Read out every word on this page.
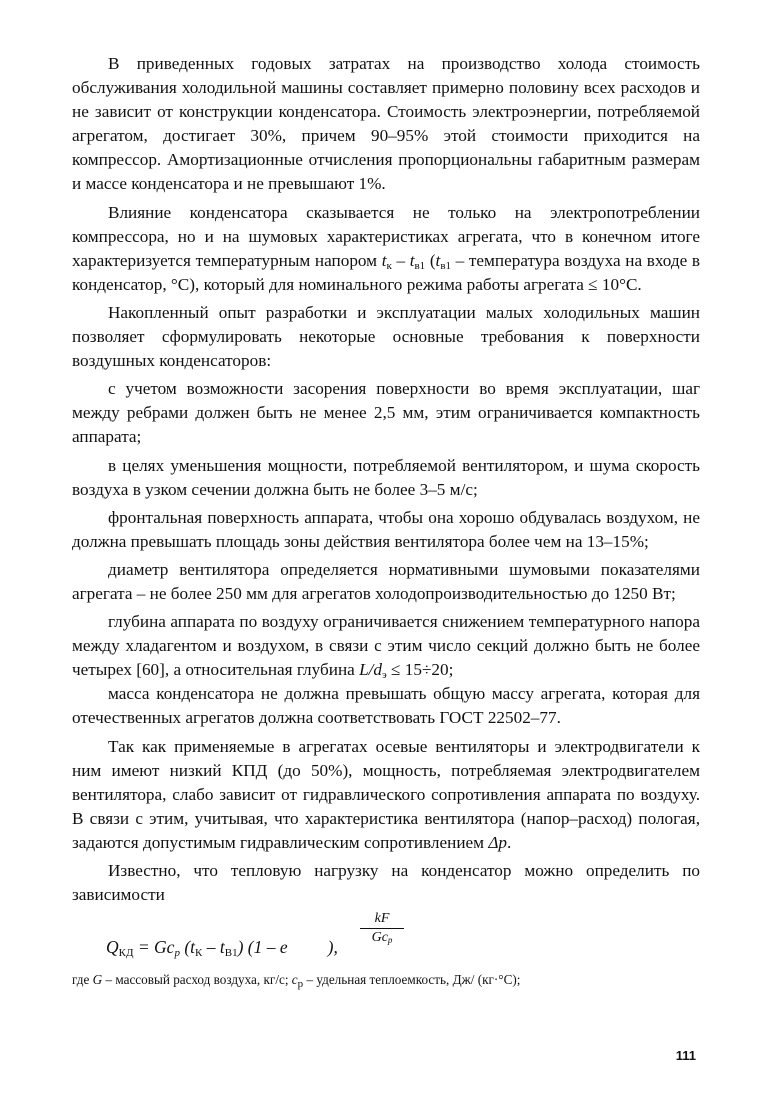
В приведенных годовых затратах на производство холода стоимость обслуживания холодильной машины составляет примерно половину всех расходов и не зависит от конструкции конденсатора. Стоимость электроэнергии, потребляемой агрегатом, достигает 30%, причем 90–95% этой стоимости приходится на компрессор. Амортизационные отчисления пропорциональны габаритным размерам и массе конденсатора и не превышают 1%.

Влияние конденсатора сказывается не только на электропотреблении компрессора, но и на шумовых характеристиках агрегата, что в конечном итоге характеризуется температурным напором $t_к - t_{в1}$ ($t_{в1}$ – температура воздуха на входе в конденсатор, °С), который для номинального режима работы агрегата ≤ 10°С.

Накопленный опыт разработки и эксплуатации малых холодильных машин позволяет сформулировать некоторые основные требования к поверхности воздушных конденсаторов:

с учетом возможности засорения поверхности во время эксплуатации, шаг между ребрами должен быть не менее 2,5 мм, этим ограничивается компактность аппарата;

в целях уменьшения мощности, потребляемой вентилятором, и шума скорость воздуха в узком сечении должна быть не более 3–5 м/с;

фронтальная поверхность аппарата, чтобы она хорошо обдувалась воздухом, не должна превышать площадь зоны действия вентилятора более чем на 13–15%;

диаметр вентилятора определяется нормативными шумовыми показателями агрегата – не более 250 мм для агрегатов холодопроизводительностью до 1250 Вт;

глубина аппарата по воздуху ограничивается снижением температурного напора между хладагентом и воздухом, в связи с этим число секций должно быть не более четырех [60], а относительная глубина $L/d_э \le 15\div 20$;

масса конденсатора не должна превышать общую массу агрегата, которая для отечественных агрегатов должна соответствовать ГОСТ 22502–77.

Так как применяемые в агрегатах осевые вентиляторы и электродвигатели к ним имеют низкий КПД (до 50%), мощность, потребляемая электродвигателем вентилятора, слабо зависит от гидравлического сопротивления аппарата по воздуху. В связи с этим, учитывая, что характеристика вентилятора (напор–расход) пологая, задаются допустимым гидравлическим сопротивлением Δp.

Известно, что тепловую нагрузку на конденсатор можно определить по зависимости

kF
$Gc_p$
$Q_{КД} = Gc_p$ $(t_К - t_{В1})$ (1 – e ),
где G – массовый расход воздуха, кг/с; $c_p$ – удельная теплоемкость, Дж/ (кг·°С);
111
